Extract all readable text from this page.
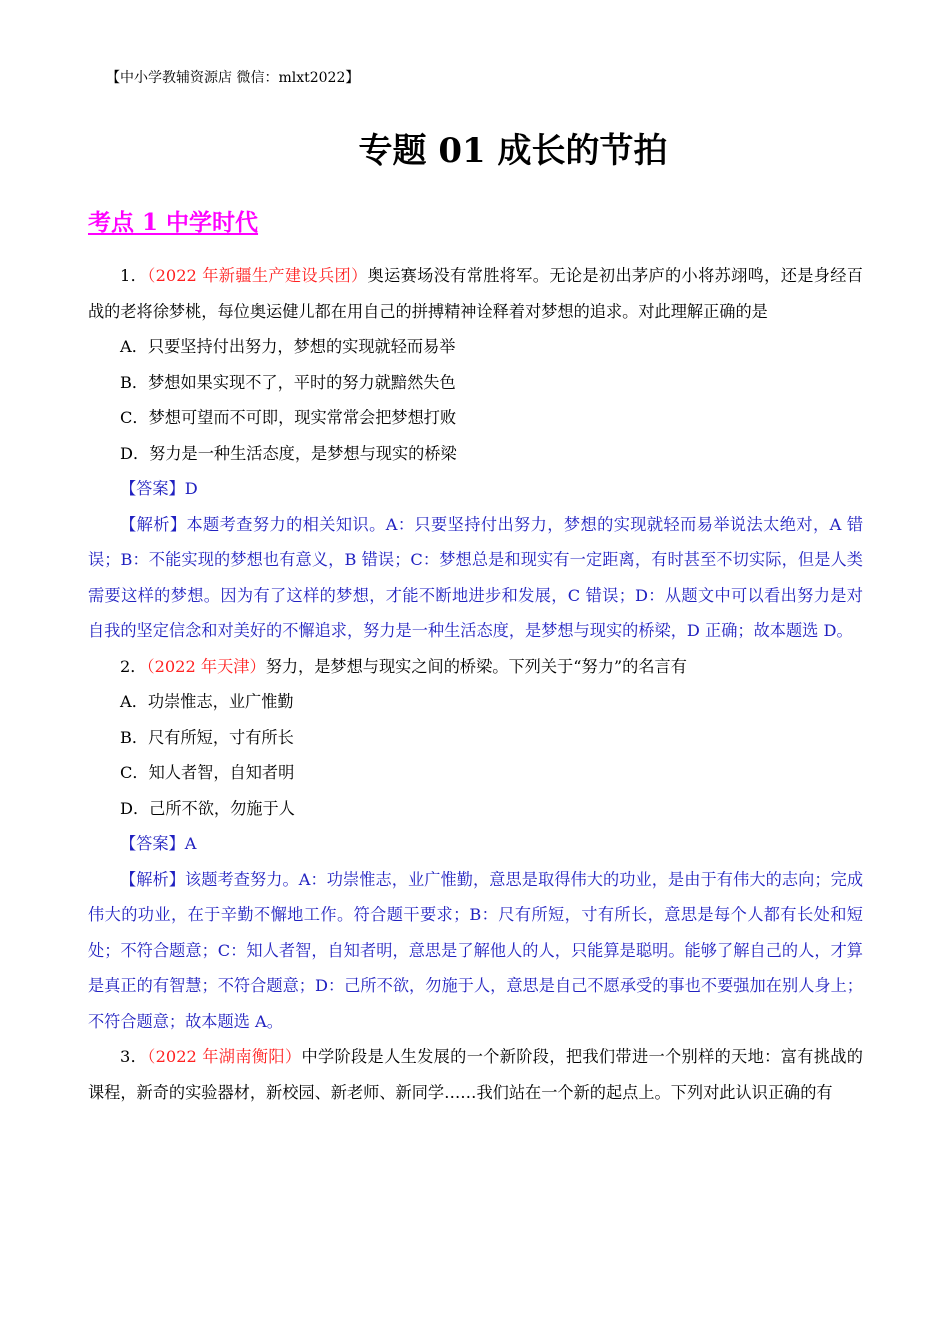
【中小学教辅资源店 微信：mlxt2022】
专题 01 成长的节拍
考点 1 中学时代

1．（2022 年新疆生产建设兵团）奥运赛场没有常胜将军。无论是初出茅庐的小将苏翊鸣，还是身经百战的老将徐梦桃，每位奥运健儿都在用自己的拼搏精神诠释着对梦想的追求。对此理解正确的是

A．只要坚持付出努力，梦想的实现就轻而易举

B．梦想如果实现不了，平时的努力就黯然失色

C．梦想可望而不可即，现实常常会把梦想打败

D．努力是一种生活态度，是梦想与现实的桥梁

【答案】D

【解析】本题考查努力的相关知识。A：只要坚持付出努力，梦想的实现就轻而易举说法太绝对，A 错误；B：不能实现的梦想也有意义，B 错误；C：梦想总是和现实有一定距离，有时甚至不切实际，但是人类需要这样的梦想。因为有了这样的梦想，才能不断地进步和发展，C 错误；D：从题文中可以看出努力是对自我的坚定信念和对美好的不懈追求，努力是一种生活态度，是梦想与现实的桥梁，D 正确；故本题选 D。

2．（2022 年天津）努力，是梦想与现实之间的桥梁。下列关于“努力”的名言有

A．功崇惟志，业广惟勤

B．尺有所短，寸有所长

C．知人者智，自知者明

D．己所不欲，勿施于人

【答案】A

【解析】该题考查努力。A：功崇惟志，业广惟勤，意思是取得伟大的功业，是由于有伟大的志向；完成伟大的功业，在于辛勤不懈地工作。符合题干要求；B：尺有所短，寸有所长，意思是每个人都有长处和短处；不符合题意；C：知人者智，自知者明，意思是了解他人的人，只能算是聪明。能够了解自己的人，才算是真正的有智慧；不符合题意；D：己所不欲，勿施于人，意思是自己不愿承受的事也不要强加在别人身上；不符合题意；故本题选 A。

3．（2022 年湖南衡阳）中学阶段是人生发展的一个新阶段，把我们带进一个别样的天地：富有挑战的课程，新奇的实验器材，新校园、新老师、新同学……我们站在一个新的起点上。下列对此认识正确的有
